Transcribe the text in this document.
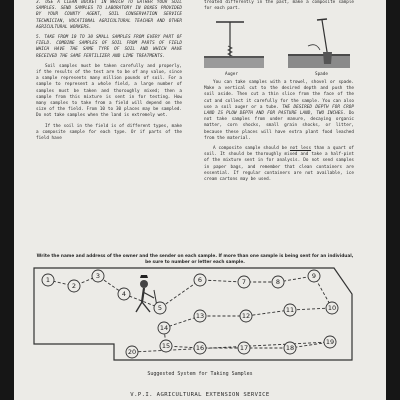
3. USE A CLEAN BUCKET IN WHICH TO GATHER YOUR SOIL SAMPLES. SEND SAMPLES TO LABORATORY IN BOXES PROVIDED BY YOUR COUNTY AGENT, SOIL CONSERVATION SERVICE TECHNICIAN, VOCATIONAL AGRICULTURAL TEACHER AND OTHER AGRICULTURAL WORKERS.

5. TAKE FROM 10 TO 30 SMALL SAMPLES FROM EVERY PART OF FIELD. COMBINE SAMPLES OF SOIL FROM PARTS OF FIELD WHICH HAVE THE SAME TYPE OF SOIL AND WHICH HAVE RECEIVED THE SAME FERTILIZER AND LIME TREATMENTS.

Soil samples must be taken carefully and properly, if the results of the test are to be of any value, since a sample represents many million pounds of soil. For a sample to represent a whole field, a large number of samples must be taken and thoroughly mixed; then a sample from this mixture is sent in for testing. How many samples to take from a field will depend on the size of the field. From 10 to 30 places may be sampled. Do not take samples when the land is extremely wet.

If the soil in the field is of different types, make a composite sample for each type. Or if parts of the field have

treated differently in the past, make a composite sample for each part.

Auger	Spade

You can take samples with a trowel, shovel or spade. Make a vertical cut to the desired depth and push the soil aside. Then cut a thin slice from the face of the cut and collect it carefully for the sample. You can also use a soil auger or a tube. THE DESIRED DEPTH FOR CROP LAND IS PLOW DEPTH AND FOR PASTURE LAND, TWO INCHES. Do not take samples from under manure, decaying organic matter, corn shocks, small grain shocks, or litter, because these places will have extra plant food leached from the material.

A composite sample should be not less than a quart of soil. It should be thoroughly mixed and take a half-pint of the mixture sent in for analysis. Do not send samples in paper bags, and remember that clean containers are essential. If regular containers are not available, ice cream cartons may be used.

Write the name and address of the owner and the sender on each sample. If more than one sample is being sent for an individual, be sure to number or letter each sample.
1
2
3
4
5
6	7	8
9
10
11
12
13
14
15	16	17	18
19
20
Suggested System for Taking Samples
V.P.I. AGRICULTURAL EXTENSION SERVICE
